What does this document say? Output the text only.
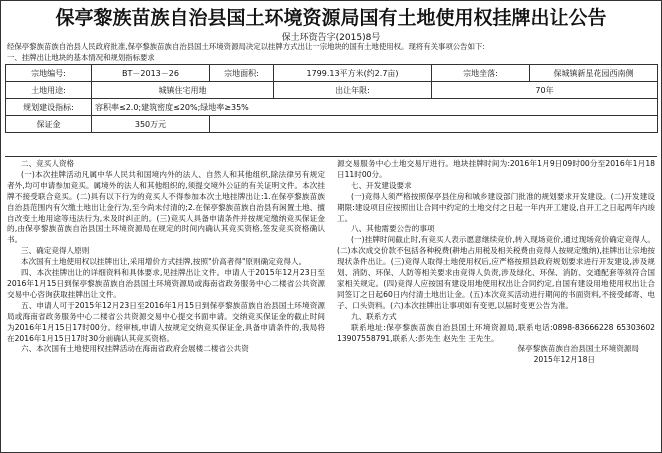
保亭黎族苗族自治县国土环境资源局国有土地使用权挂牌出让公告
保土环资告字(2015)8号

经保亭黎族苗族自治县人民政府批准,保亭黎族苗族自治县国土环境资源局决定以挂牌方式出让一宗地块的国有土地使用权。现将有关事项公告如下:

一、挂牌出让地块的基本情况和规划指标要求

宗地编号:	BT－2013－26	宗地面积:	1799.13平方米(约2.7亩)	宗地坐落:	保城镇新星花园西南侧
土地用途:	城镇住宅用地		出让年限:	70年	
规划建设指标:	容积率≤2.0;建筑密度≤20%;绿地率≥35%				
保证金	350万元				

二、竞买人资格

(一)本次挂牌活动凡属中华人民共和国境内外的法人、自然人和其他组织,除法律另有规定者外,均可申请参加竞买。属境外的法人和其他组织的,须提交境外公证的有关证明文件。本次挂牌不接受联合竞买。(二)具有以下行为的竞买人不得参加本次土地挂牌出让:1.在保亭黎族苗族自治县范围内有欠缴土地出让金行为,至今尚未付清的;2.在保亭黎族苗族自治县有闲置土地、擅自改变土地用途等违法行为,未及时纠正的。(三)竞买人具备申请条件并按规定缴纳竞买保证金的,由保亭黎族苗族自治县国土环境资源局在规定的时间内确认其竞买资格,签发竞买资格确认书。

三、确定竞得人原则

本次国有土地使用权以挂牌出让,采用增价方式挂牌,按照"价高者得"原则确定竞得人。

四、本次挂牌出让的详细资料和具体要求,见挂牌出让文件。申请人于2015年12月23日至2016年1月15日到保亭黎族苗族自治县国土环境资源局或海南省政务服务中心二楼省公共资源交易中心咨询获取挂牌出让文件。

五、申请人可于2015年12月23日至2016年1月15日到保亭黎族苗族自治县国土环境资源局或海南省政务服务中心二楼省公共资源交易中心提交书面申请。交纳竞买保证金的截止时间为2016年1月15日17时00分。经审核,申请人按规定交纳竞买保证金,具备申请条件的,我局将在2016年1月15日17时30分前确认其竞买资格。

六、本次国有土地使用权挂牌活动在海南省政府会展楼二楼省公共资

源交易服务中心土地交易厅进行。地块挂牌时间为:2016年1月9日09时00分至2016年1月18日11时00分。

七、开发建设要求

(一)竞得人须严格按照保亭县住房和城乡建设部门批准的规划要求开发建设。(二)开发建设期限:建设项目应按照出让合同中约定的土地交付之日起一年内开工建设,自开工之日起两年内竣工。

八、其他需要公告的事项

(一)挂牌时间截止时,有竞买人表示愿意继续竞价,转入现场竞价,通过现场竞价确定竞得人。(二)本次成交价款不包括各种税费(耕地占用税及相关税费由竞得人按规定缴纳),挂牌出让宗地按现状条件出让。(三)竞得人取得土地使用权后,应严格按照县政府规划要求进行开发建设,涉及规划、消防、环保、人防等相关要求由竞得人负责,涉及绿化、环保、消防、交通配套等须符合国家相关规定。(四)竞得人应按国有建设用地使用权出让合同约定,自国有建设用地使用权出让合同签订之日起60日内付清土地出让金。(五)本次竞买活动进行期间的书面资料,不接受邮寄、电子、口头资料。(六)本次挂牌出让事项如有变更,以届时变更公告为准。

九、联系方式

联系地址:保亭黎族苗族自治县国土环境资源局,联系电话:0898-83666228 65303602 13907558791,联系人:彭先生 赵先生 王先生。

保亭黎族苗族自治县国土环境资源局

2015年12月18日
